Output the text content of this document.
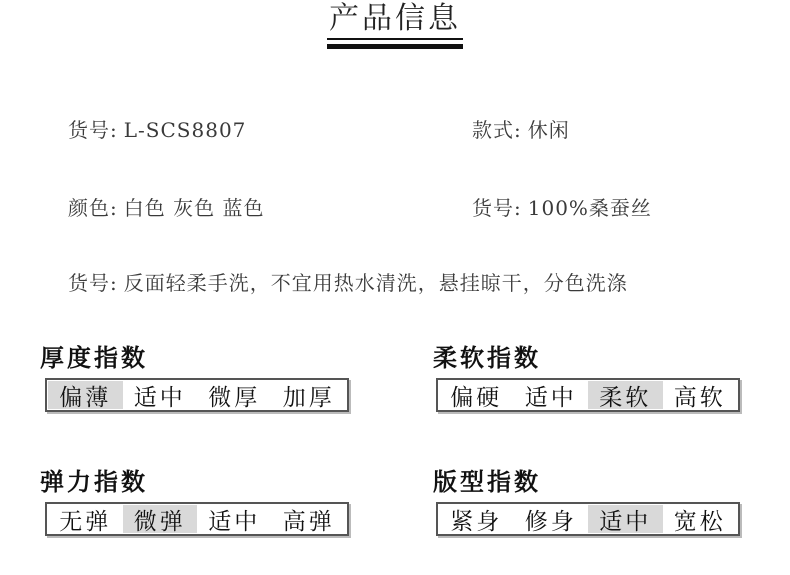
产品信息
货号: L-SCS8807	款式: 休闲
颜色: 白色 灰色 蓝色	货号: 100%桑蚕丝
货号: 反面轻柔手洗，不宜用热水清洗，悬挂晾干，分色洗涤
厚度指数
偏薄 适中 微厚 加厚
柔软指数
偏硬 适中 柔软 高软
弹力指数
无弹 微弹 适中 高弹
版型指数
紧身 修身 适中 宽松
